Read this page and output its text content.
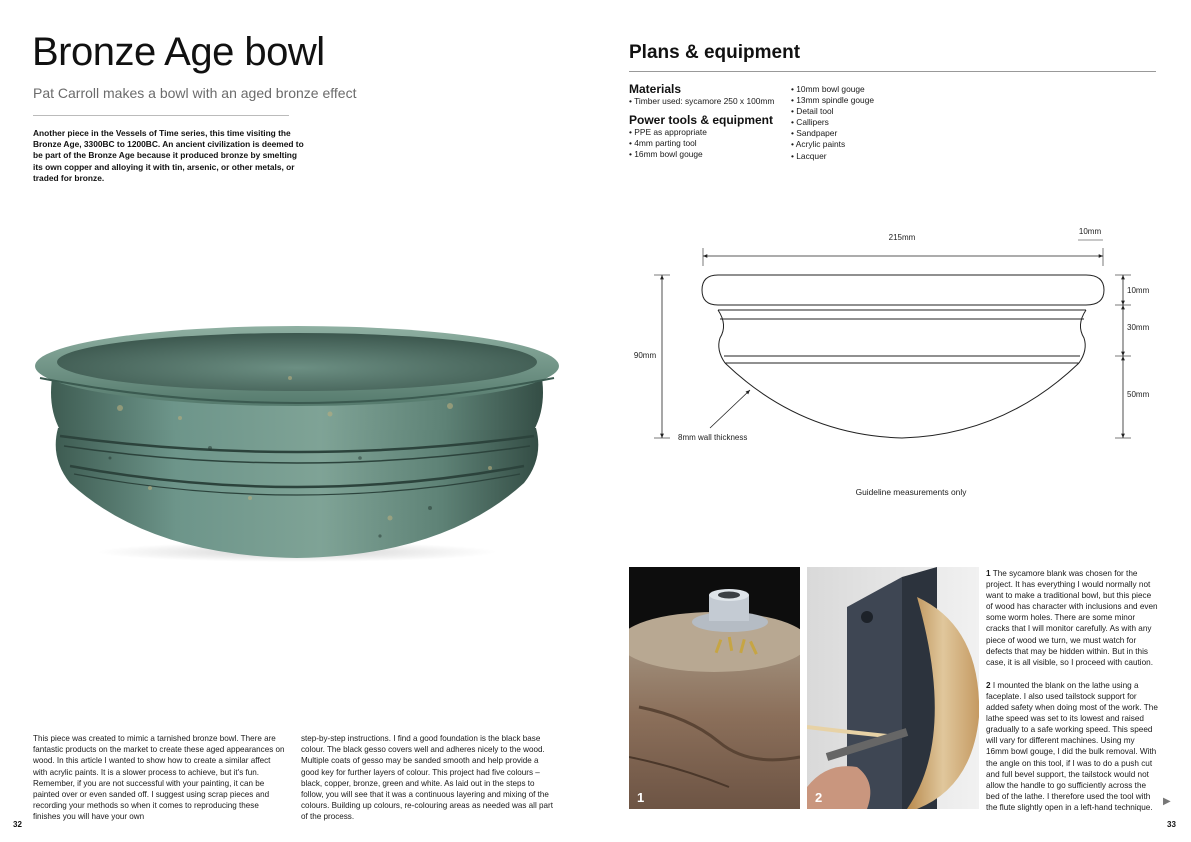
Bronze Age bowl
Pat Carroll makes a bowl with an aged bronze effect
Another piece in the Vessels of Time series, this time visiting the Bronze Age, 3300BC to 1200BC. An ancient civilization is deemed to be part of the Bronze Age because it produced bronze by smelting its own copper and alloying it with tin, arsenic, or other metals, or traded for bronze.
This piece was created to mimic a tarnished bronze bowl. There are fantastic products on the market to create these aged appearances on wood. In this article I wanted to show how to create a similar affect with acrylic paints. It is a slower process to achieve, but it's fun. Remember, if you are not successful with your painting, it can be painted over or even sanded off. I suggest using scrap pieces and recording your methods so when it comes to reproducing these finishes you will have your own
step-by-step instructions. I find a good foundation is the black base colour. The black gesso covers well and adheres nicely to the wood. Multiple coats of gesso may be sanded smooth and help provide a good key for further layers of colour. This project had five colours – black, copper, bronze, green and white. As laid out in the steps to follow, you will see that it was a continuous layering and mixing of the colours. Building up colours, re-colouring areas as needed was all part of the process.
32
Plans & equipment
Materials
• Timber used: sycamore 250 x 100mm
Power tools & equipment
• PPE as appropriate
• 4mm parting tool
• 16mm bowl gouge
• 10mm bowl gouge
• 13mm spindle gouge
• Detail tool
• Callipers
• Sandpaper
• Acrylic paints
• Lacquer
215mm
10mm
90mm
10mm
30mm
50mm
8mm wall thickness
Guideline measurements only
1	2

1 The sycamore blank was chosen for the project. It has everything I would normally not want to make a traditional bowl, but this piece of wood has character with inclusions and even some worm holes. There are some minor cracks that I will monitor carefully. As with any piece of wood we turn, we must watch for defects that may be hidden within. But in this case, it is all visible, so I proceed with caution.

2 I mounted the blank on the lathe using a faceplate. I also used tailstock support for added safety when doing most of the work. The lathe speed was set to its lowest and raised gradually to a safe working speed. This speed will vary for different machines. Using my 16mm bowl gouge, I did the bulk removal. With the angle on this tool, if I was to do a push cut and full bevel support, the tailstock would not allow the handle to go sufficiently across the bed of the lathe. I therefore used the tool with the flute slightly open in a left-hand technique.

▶
33
